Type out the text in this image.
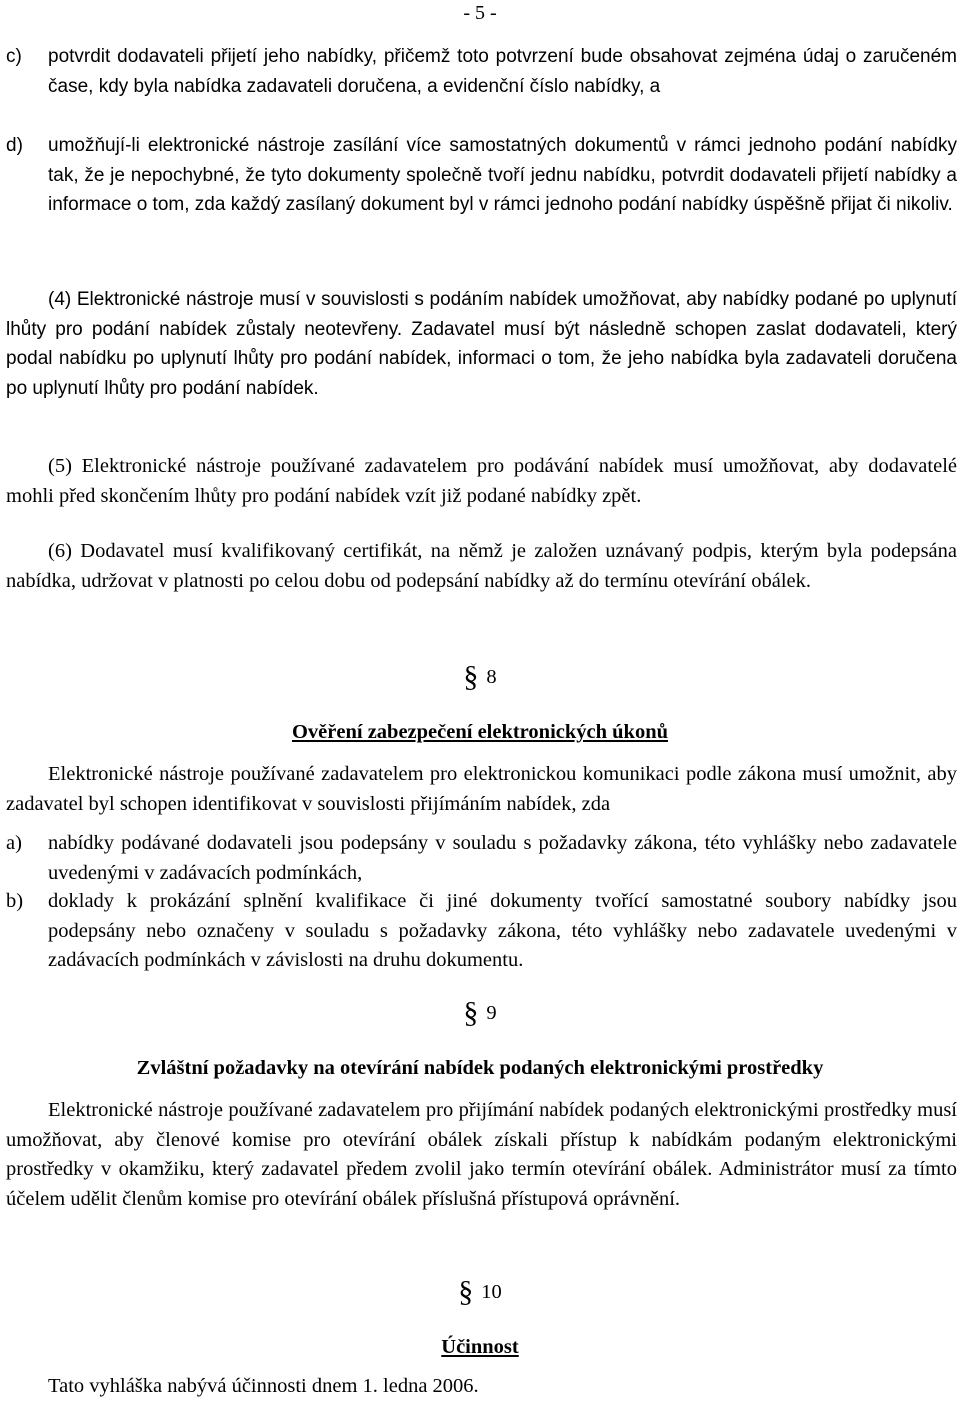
- 5 -
c) potvrdit dodavateli přijetí jeho nabídky, přičemž toto potvrzení bude obsahovat zejména údaj o zaručeném čase, kdy byla nabídka zadavateli doručena, a evidenční číslo nabídky, a
d) umožňují-li elektronické nástroje zasílání více samostatných dokumentů v rámci jednoho podání nabídky tak, že je nepochybné, že tyto dokumenty společně tvoří jednu nabídku, potvrdit dodavateli přijetí nabídky a informace o tom, zda každý zasílaný dokument byl v rámci jednoho podání nabídky úspěšně přijat či nikoliv.

(4) Elektronické nástroje musí v souvislosti s podáním nabídek umožňovat, aby nabídky podané po uplynutí lhůty pro podání nabídek zůstaly neotevřeny. Zadavatel musí být následně schopen zaslat dodavateli, který podal nabídku po uplynutí lhůty pro podání nabídek, informaci o tom, že jeho nabídka byla zadavateli doručena po uplynutí lhůty pro podání nabídek.

(5) Elektronické nástroje používané zadavatelem pro podávání nabídek musí umožňovat, aby dodavatelé mohli před skončením lhůty pro podání nabídek vzít již podané nabídky zpět.

(6) Dodavatel musí kvalifikovaný certifikát, na němž je založen uznávaný podpis, kterým byla podepsána nabídka, udržovat v platnosti po celou dobu od podepsání nabídky až do termínu otevírání obálek.

§ 8
Ověření zabezpečení elektronických úkonů

Elektronické nástroje používané zadavatelem pro elektronickou komunikaci podle zákona musí umožnit, aby zadavatel byl schopen identifikovat v souvislosti přijímáním nabídek, zda

a) nabídky podávané dodavateli jsou podepsány v souladu s požadavky zákona, této vyhlášky nebo zadavatele uvedenými v zadávacích podmínkách,
b) doklady k prokázání splnění kvalifikace či jiné dokumenty tvořící samostatné soubory nabídky jsou podepsány nebo označeny v souladu s požadavky zákona, této vyhlášky nebo zadavatele uvedenými v zadávacích podmínkách v závislosti na druhu dokumentu.
§ 9
Zvláštní požadavky na otevírání nabídek podaných elektronickými prostředky

Elektronické nástroje používané zadavatelem pro přijímání nabídek podaných elektronickými prostředky musí umožňovat, aby členové komise pro otevírání obálek získali přístup k nabídkám podaným elektronickými prostředky v okamžiku, který zadavatel předem zvolil jako termín otevírání obálek. Administrátor musí za tímto účelem udělit členům komise pro otevírání obálek příslušná přístupová oprávnění.

§ 10
Účinnost

Tato vyhláška nabývá účinnosti dnem 1. ledna 2006.
